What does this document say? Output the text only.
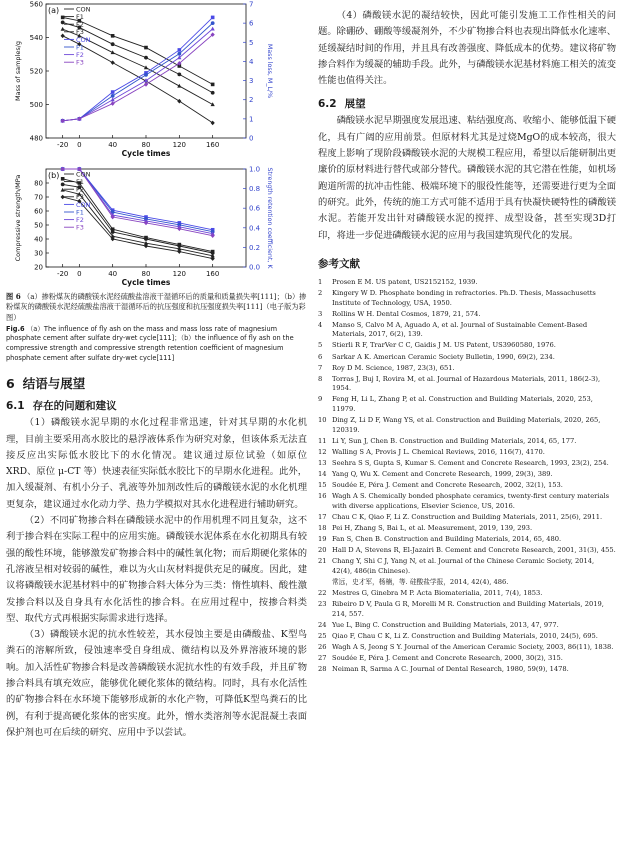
(a)
-20 0	40	80	120	160
Cycle times
480
500
520
540
560
Mass of samples/g
0
1
2
3
4
5
6
7
Mass loss, M_L/%
CON
F1
F2
F3
CON
F1
F2
F3
(b)
-20 0	40	80	120	160
Cycle times
20
30
40
50
60
70
80
Compressive strength/MPa
0.0
0.2
0.4
0.6
0.8
1.0 Strength retention coefficient, K
CON
F1
F2
F3
CON
F1
F2
F3
图 6 （a）掺粉煤灰的磷酸镁水泥经硫酸盐溶液干湿循环后的质量和质量损失率[111]；（b）掺粉煤灰的磷酸镁水泥经硫酸盐溶液干湿循环后的抗压强度和抗压强度损失率[111]（电子版为彩图）
Fig.6 （a）The influence of fly ash on the mass and mass loss rate of magnesium phosphate cement after sulfate dry-wet cycle[111]；（b）the influence of fly ash on the compressive strength and compressive strength retention coefficient of magnesium phosphate cement after sulfate dry-wet cycle[111]
6 结语与展望
6.1 存在的问题和建议

（1）磷酸镁水泥早期的水化过程非常迅速，针对其早期的水化机理，目前主要采用高水胶比的悬浮液体系作为研究对象，但该体系无法直接反应出实际低水胶比下的水化情况。建议通过原位试验（如原位 XRD、原位 μ-CT 等）快速表征实际低水胶比下的早期水化进程。此外，加入缓凝剂、有机小分子、乳液等外加剂改性后的磷酸镁水泥的水化机理更复杂，建议通过水化动力学、热力学模拟对其水化进程进行辅助研究。

（2）不同矿物掺合料在磷酸镁水泥中的作用机理不同且复杂，这不利于掺合料在实际工程中的应用实施。磷酸镁水泥体系在水化初期具有较强的酸性环境，能够激发矿物掺合料中的碱性氧化物；而后期硬化浆体的孔溶液呈相对较弱的碱性，难以为火山灰材料提供充足的碱度。因此，建议将磷酸镁水泥基材料中的矿物掺合料大体分为三类：惰性填料、酸性激发掺合料以及自身具有水化活性的掺合料。在应用过程中，按掺合料类型、取代方式再根据实际需求进行选择。

（3）磷酸镁水泥的抗水性较差，其水侵蚀主要是由磷酸盐、K型鸟粪石的溶解所致，侵蚀速率受自身组成、微结构以及外界溶液环境的影响。加入活性矿物掺合料是改善磷酸镁水泥抗水性的有效手段，并且矿物掺合料具有填充效应，能够优化硬化浆体的微结构。同时，具有水化活性的矿物掺合料在水环境下能够形成新的水化产物，可降低K型鸟粪石的比例，有利于提高硬化浆体的密实度。此外，憎水类溶剂等水泥混凝土表面保护剂也可在后续的研究、应用中予以尝试。

（4）磷酸镁水泥的凝结较快，因此可能引发施工工作性相关的问题。除硼砂、硼酸等缓凝剂外，不少矿物掺合料也表现出降低水化速率、延缓凝结时间的作用，并且具有改善强度、降低成本的优势。建议将矿物掺合料作为缓凝的辅助手段。此外，与磷酸镁水泥基材料施工相关的流变性能也值得关注。

6.2 展望

磷酸镁水泥早期强度发展迅速、粘结强度高、收缩小、能够低温下硬化，具有广阔的应用前景。但原材料尤其是过烧MgO的成本较高，很大程度上影响了现阶段磷酸镁水泥的大规模工程应用，希望以后能研制出更廉价的原材料进行替代或部分替代。磷酸镁水泥的其它潜在性能，如机场跑道所需的抗冲击性能、极端环境下的服役性能等，还需要进行更为全面的研究。此外，传统的施工方式可能不适用于具有快凝快硬特性的磷酸镁水泥。若能开发出针对磷酸镁水泥的搅拌、成型设备，甚至实现3D打印，将进一步促进磷酸镁水泥的应用与我国建筑现代化的发展。

参考文献
1	Prosen E M. US patent, US2152152, 1939.
2	Kingery W D. Phosphate bonding in refractories. Ph.D. Thesis, Massachusetts Institute of Technology, USA, 1950.
3	Rollins W H. Dental Cosmos, 1879, 21, 574.
4	Manso S, Calvo M A, Aguado A, et al. Journal of Sustainable Cement-Based Materials, 2017, 6(2), 139.
5	Stierli R F, TrarVer C C, Gaidis J M. US Patent, US3960580, 1976.
6	Sarkar A K. American Ceramic Society Bulletin, 1990, 69(2), 234.
7	Roy D M. Science, 1987, 23(3), 651.
8	Torras J, Buj I, Rovira M, et al. Journal of Hazardous Materials, 2011, 186(2-3), 1954.
9	Feng H, Li L, Zhang P, et al. Construction and Building Materials, 2020, 253, 11979.
10 Ding Z, Li D F, Wang YS, et al. Construction and Building Materials, 2020, 265, 120319.
11 Li Y, Sun J, Chen B. Construction and Building Materials, 2014, 65, 177.
12 Walling S A, Provis J L. Chemical Reviews, 2016, 116(7), 4170.
13 Seehra S S, Gupta S, Kumar S. Cement and Concrete Research, 1993, 23(2), 254.
14 Yang Q, Wu X. Cement and Concrete Research, 1999, 29(3), 389.
15 Soudée E, Péra J. Cement and Concrete Research, 2002, 32(1), 153.
16 Wagh A S. Chemically bonded phosphate ceramics, twenty-first century materials with diverse applications, Elsevier Science, US, 2016.
17 Chau C K, Qiao F, Li Z. Construction and Building Materials, 2011, 25(6), 2911.
18 Pei H, Zhang S, Bai L, et al. Measurement, 2019, 139, 293.
19 Fan S, Chen B. Construction and Building Materials, 2014, 65, 480.
20 Hall D A, Stevens R, El-Jazairi B. Cement and Concrete Research, 2001, 31(3), 455.
21 Chang Y, Shi C J, Yang N, et al. Journal of the Chinese Ceramic Society, 2014, 42(4), 486(in Chinese).
常远，史才军，杨楠，等. 硅酸盐学报，2014, 42(4), 486.
22 Mestres G, Ginebra M P. Acta Biomaterialia, 2011, 7(4), 1853.
23 Ribeiro D V, Paula G R, Morelli M R. Construction and Building Materials, 2019, 214, 557.
24 Yue L, Bing C. Construction and Building Materials, 2013, 47, 977.
25 Qiao F, Chau C K, Li Z. Construction and Building Materials, 2010, 24(5), 695.
26 Wagh A S, Jeong S Y. Journal of the American Ceramic Society, 2003, 86(11), 1838.
27 Soudée E, Péra J. Cement and Concrete Research, 2000, 30(2), 315.
28 Neiman R, Sarma A C. Journal of Dental Research, 1980, 59(9), 1478.
